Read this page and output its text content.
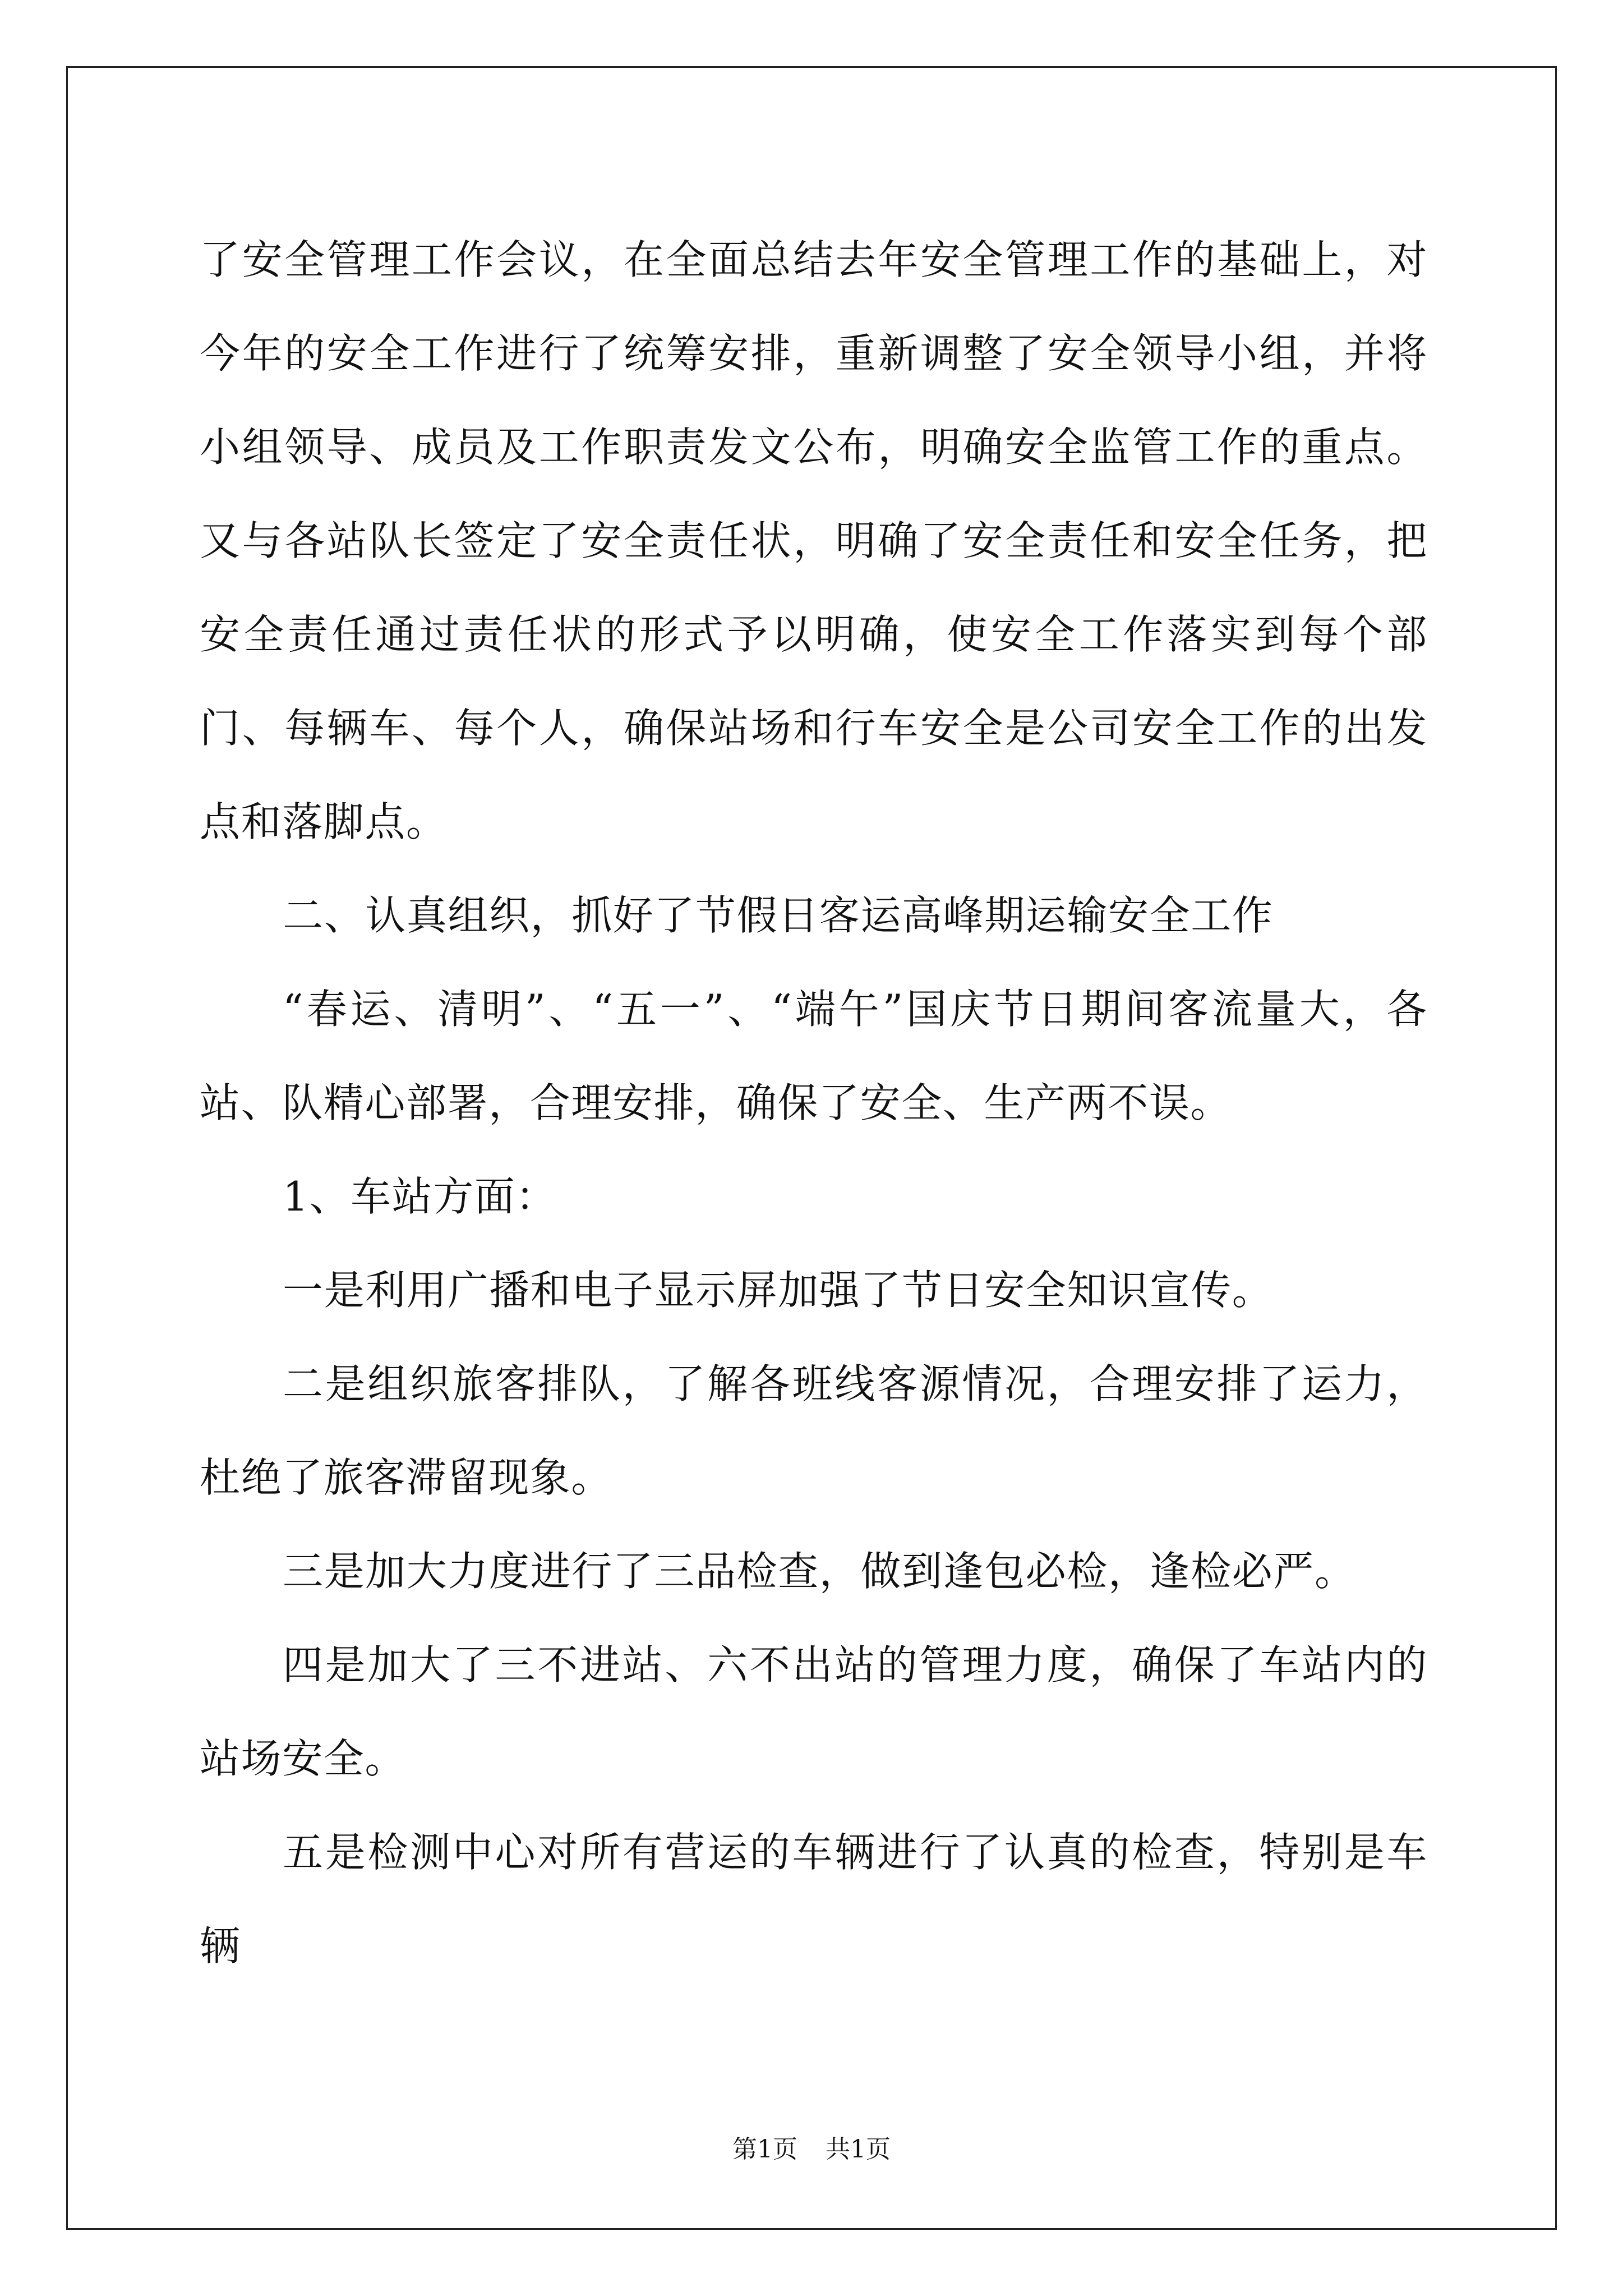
了安全管理工作会议，在全面总结去年安全管理工作的基础上，对今年的安全工作进行了统筹安排，重新调整了安全领导小组，并将小组领导、成员及工作职责发文公布，明确安全监管工作的重点。又与各站队长签定了安全责任状，明确了安全责任和安全任务，把安全责任通过责任状的形式予以明确，使安全工作落实到每个部门、每辆车、每个人，确保站场和行车安全是公司安全工作的出发点和落脚点。

二、认真组织，抓好了节假日客运高峰期运输安全工作

“春运、清明”、“五一”、“端午”国庆节日期间客流量大，各站、队精心部署，合理安排，确保了安全、生产两不误。

1、车站方面：

一是利用广播和电子显示屏加强了节日安全知识宣传。

二是组织旅客排队，了解各班线客源情况，合理安排了运力，杜绝了旅客滞留现象。

三是加大力度进行了三品检查，做到逢包必检，逢检必严。

四是加大了三不进站、六不出站的管理力度，确保了车站内的站场安全。

五是检测中心对所有营运的车辆进行了认真的检查，特别是车辆

第1页 共1页
